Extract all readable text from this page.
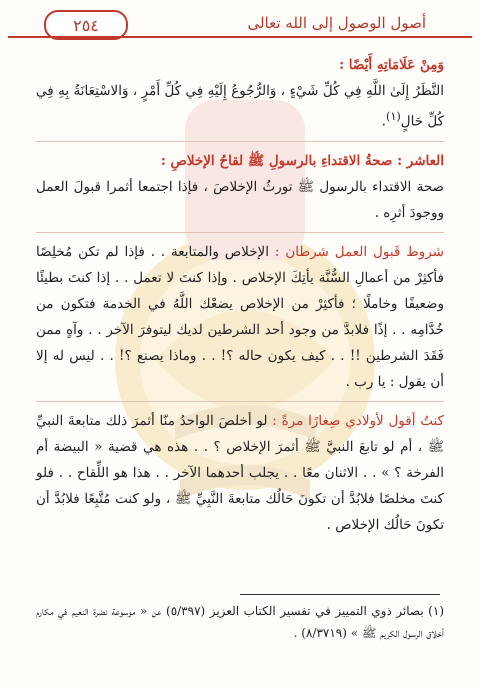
٢٥٤	أصول الوصول إلى الله تعالى

وَمِنْ عَلَامَاتِهِ أَيْضًا :

النَّظَرُ إِلَىٰ اللَّهِ فِي كُلِّ شَيْءٍ ، وَالرُّجُوعُ إِلَيْهِ فِي كُلِّ أَمْرٍ ، وَالاسْتِعَانَةُ بِهِ فِي كُلِّ حَالٍ$^{(١)}$.

العاشر : صحةُ الاقتداءِ بالرسولِ ﷺ لقاحُ الإخلاصِ :

صحة الاقتداء بالرسول ﷺ تورثُ الإخلاصَ ، فإذا اجتمعا أثمرا قبولَ العمل ووجودَ أثرِه .

شروط قَبول العمل شرطان : الإخلاص والمتابعة . . فإذا لم تكن مُخلِصًا فأكثِرْ من أعمالِ السُّنَّة يأتِكَ الإخلاص . وإذا كنتَ لا تعمل . . إذا كنتَ بطيئًا وضعيفًا وخاملًا ؛ فأكثِرْ من الإخلاص يضعْك اللَّهُ في الخدمة فتكون من خُدَّامِه . . إذًا فلابدَّ من وجود أحد الشرطين لديك ليتوفرَ الآخر . . وآهٍ ممن فَقَدَ الشرطين !! . . كيف يكون حاله ؟! . . وماذا يصنع ؟! . . ليس له إلا أن يقول : يا رب .

كنتُ أقول لأولادي صِغارًا مرةً : لو أخلصَ الواحدُ منّا أثمرَ ذلك متابعةَ النبيِّ ﷺ ، أم لو تابعَ النبيَّ ﷺ أثمرَ الإخلاص ؟ . . هذه هي قضية « البيضة أم الفرخة ؟ » . . الاثنان معًا . . يجلب أحدهما الآخر . . هذا هو اللِّقاح . . فلو كنتَ مخلصًا فلابُدَّ أن تكونَ حَالُك متابعةَ النَّبِيِّ ﷺ ، ولو كنت مُتَّبِعًا فلابُدَّ أن تكونَ حَالُك الإخلاص .

(١) بصائر ذوي التمييز في تفسير الكتاب العزيز (٥/٣٩٧) عن « موسوعة نضرة النعيم في مكارم أخلاق الرسول الكريم ﷺ » (٨/٣٧١٩) .
